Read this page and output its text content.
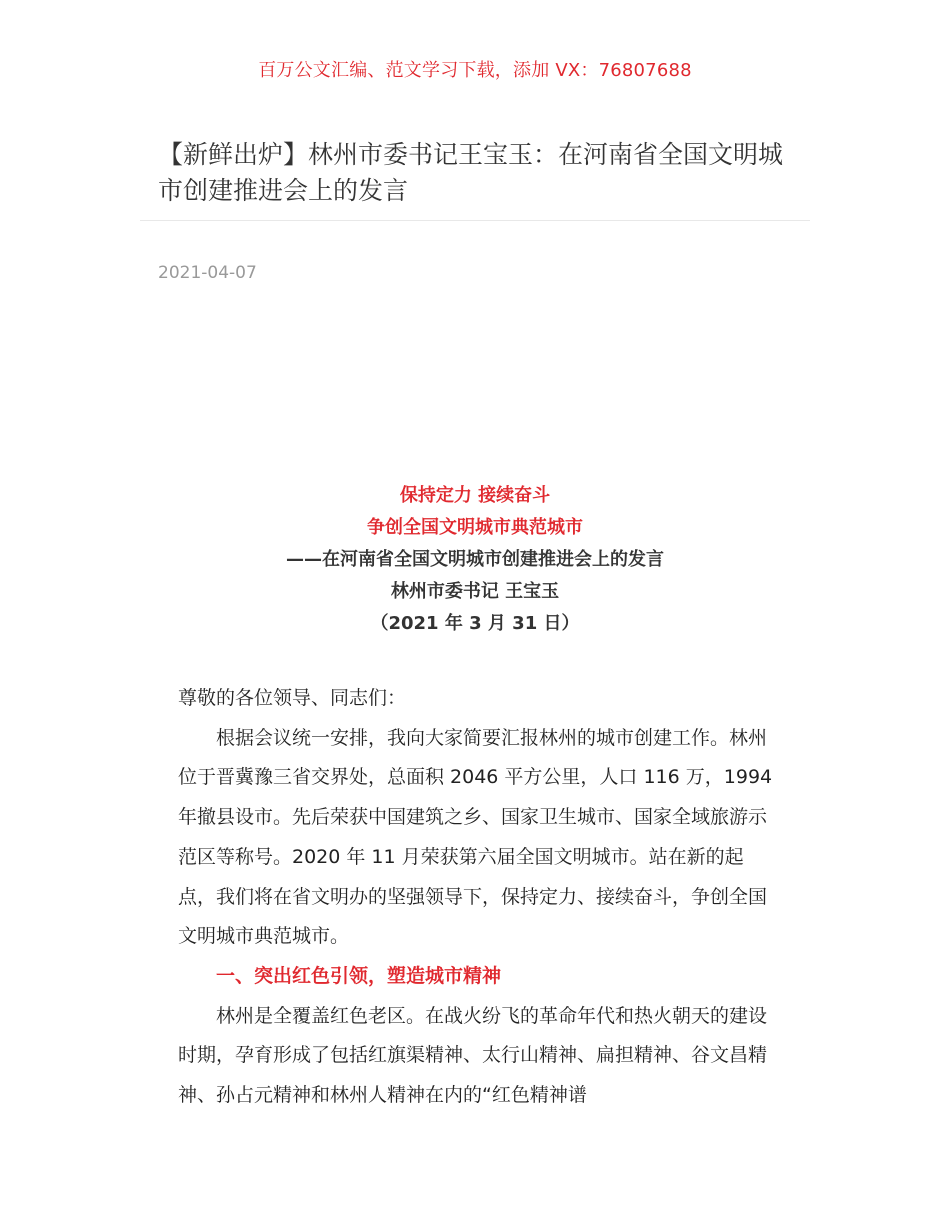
百万公文汇编、范文学习下载，添加 VX：76807688
【新鲜出炉】林州市委书记王宝玉：在河南省全国文明城市创建推进会上的发言
2021-04-07
保持定力 接续奋斗
争创全国文明城市典范城市
——在河南省全国文明城市创建推进会上的发言
林州市委书记 王宝玉
（2021 年 3 月 31 日）

尊敬的各位领导、同志们：

根据会议统一安排，我向大家简要汇报林州的城市创建工作。林州位于晋冀豫三省交界处，总面积 2046 平方公里，人口 116 万，1994 年撤县设市。先后荣获中国建筑之乡、国家卫生城市、国家全域旅游示范区等称号。2020 年 11 月荣获第六届全国文明城市。站在新的起点，我们将在省文明办的坚强领导下，保持定力、接续奋斗，争创全国文明城市典范城市。

一、突出红色引领，塑造城市精神

林州是全覆盖红色老区。在战火纷飞的革命年代和热火朝天的建设时期，孕育形成了包括红旗渠精神、太行山精神、扁担精神、谷文昌精神、孙占元精神和林州人精神在内的“红色精神谱
